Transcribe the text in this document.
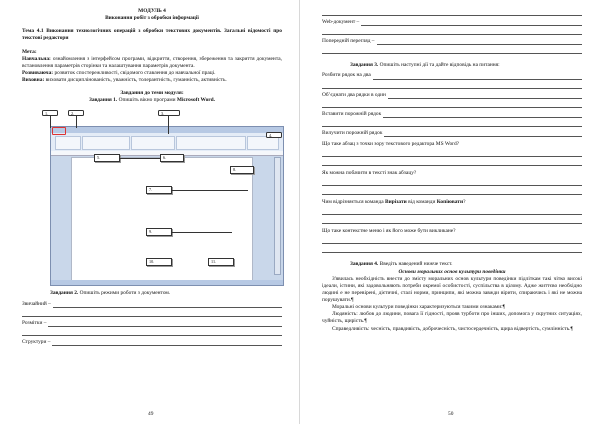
МОДУЛЬ 4

Виконання робіт з обробки інформації

Тема 4.1 Виконання технологічних операцій з обробки текстових документів. Загальні відомості про текстові редактори

Мета:

Навчальна: ознайомлення з інтерфейсом програми, відкриття, створення, збереження та закриття документа, встановлення параметрів сторінки та налаштування параметрів документа.

Розвиваюча: розвиток спостережливості, свідомого ставлення до навчальної праці.

Виховна: виховати дисциплінованість, уважність, толерантність, гуманність, активність.

Завдання до теми модуля:

Завдання 1. Опишіть вікно програми Microsoft Word.

1.	2.	3.
4.
5.	6.
7.
8.
9.
10.	11.

Завдання 2. Опишіть режими роботи з документом.

Звичайний –
Розмітки –
Структури –
49
Web-документ –
Попередній перегляд –

Завдання 3. Опишіть наступні дії та дайте відповідь на питання:

Розбити рядок на два
Об’єднати два рядки в один
Вставити порожній рядок
Вилучити порожній рядок

Що таке абзац з точки зору текстового редактора MS Word?

Як можна побачити в тексті знак абзацу?

Чим відрізняється команда Вирізати від команди Копіювати?

Що таке контекстне меню і як його може бути викликане?

Завдання 4. Введіть наведений нижче текст.

Основи моральних основ культури поведінки

З'явилась необхідність внести до змісту моральних основ культури поведінки підліткам такі чітко високі ідеали, істини, які задовольняють потреби окремої особистості, суспільства в цілому. Адже життєво необхідно людині е не перевірені, дієтичні, сталі норми, принципи, які можна завжди вірити, спираючись і які не можна порушувати.¶

Моральні основи культури поведінки характеризуються такими ознаками:¶

Людяність: любов до людини, повага її гідності, прояв турботи про інших, допомога у скрутних ситуаціях, чуйність, щирість.¶

Справедливість: чесність, правдивість, доброчесність, чистосердечність, щира відвертість, сумлінність.¶

50
